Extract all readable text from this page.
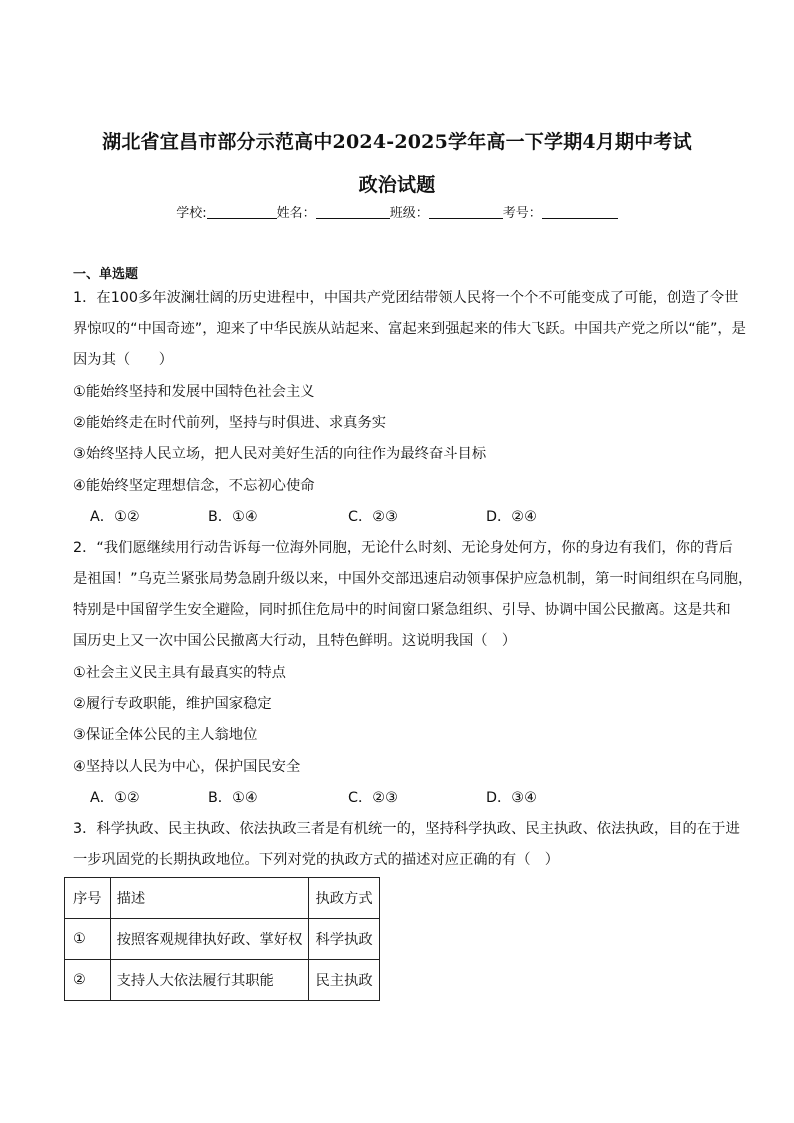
湖北省宜昌市部分示范高中2024-2025学年高一下学期4月期中考试
政治试题
学校:	姓名：	班级：	考号：
一、单选题
1．在100多年波澜壮阔的历史进程中，中国共产党团结带领人民将一个个不可能变成了可能，创造了令世
界惊叹的“中国奇迹”，迎来了中华民族从站起来、富起来到强起来的伟大飞跃。中国共产党之所以“能”，是
因为其（　　）
①能始终坚持和发展中国特色社会主义
②能始终走在时代前列，坚持与时俱进、求真务实
③始终坚持人民立场，把人民对美好生活的向往作为最终奋斗目标
④能始终坚定理想信念，不忘初心使命
A．①②	B．①④	C．②③	D．②④
2．“我们愿继续用行动告诉每一位海外同胞，无论什么时刻、无论身处何方，你的身边有我们，你的背后
是祖国！”乌克兰紧张局势急剧升级以来，中国外交部迅速启动领事保护应急机制，第一时间组织在乌同胞，
特别是中国留学生安全避险，同时抓住危局中的时间窗口紧急组织、引导、协调中国公民撤离。这是共和
国历史上又一次中国公民撤离大行动，且特色鲜明。这说明我国（　）
①社会主义民主具有最真实的特点
②履行专政职能，维护国家稳定
③保证全体公民的主人翁地位
④坚持以人民为中心，保护国民安全
A．①②	B．①④	C．②③	D．③④
3．科学执政、民主执政、依法执政三者是有机统一的，坚持科学执政、民主执政、依法执政，目的在于进
一步巩固党的长期执政地位。下列对党的执政方式的描述对应正确的有（　）
序号	描述	执政方式
①	按照客观规律执好政、掌好权	科学执政
②	支持人大依法履行其职能	民主执政
